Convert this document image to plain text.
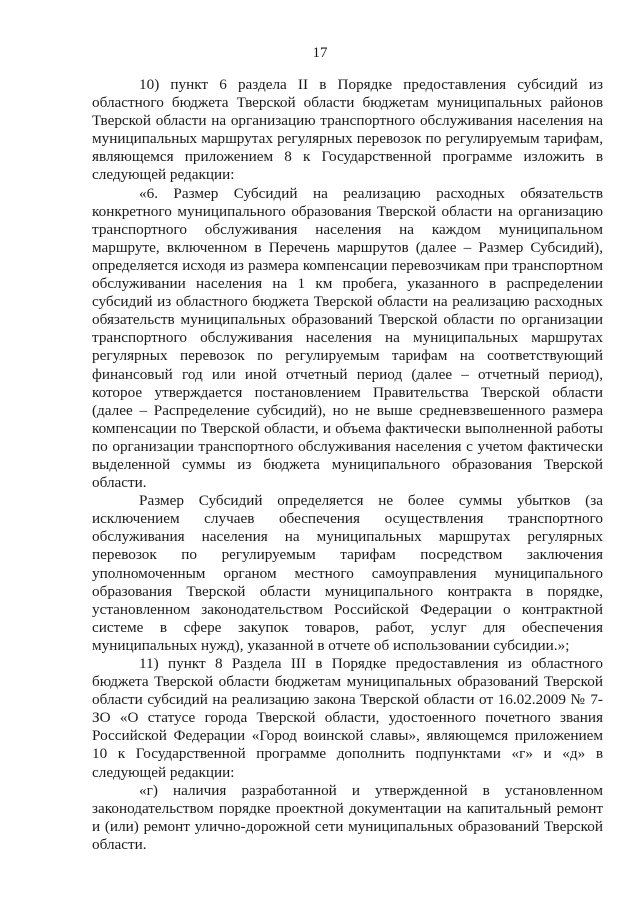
17

10) пункт 6 раздела II в Порядке предоставления субсидий из областного бюджета Тверской области бюджетам муниципальных районов Тверской области на организацию транспортного обслуживания населения на муниципальных маршрутах регулярных перевозок по регулируемым тарифам, являющемся приложением 8 к Государственной программе изложить в следующей редакции:

«6. Размер Субсидий на реализацию расходных обязательств конкретного муниципального образования Тверской области на организацию транспортного обслуживания населения на каждом муниципальном маршруте, включенном в Перечень маршрутов (далее – Размер Субсидий), определяется исходя из размера компенсации перевозчикам при транспортном обслуживании населения на 1 км пробега, указанного в распределении субсидий из областного бюджета Тверской области на реализацию расходных обязательств муниципальных образований Тверской области по организации транспортного обслуживания населения на муниципальных маршрутах регулярных перевозок по регулируемым тарифам на соответствующий финансовый год или иной отчетный период (далее – отчетный период), которое утверждается постановлением Правительства Тверской области (далее – Распределение субсидий), но не выше средневзвешенного размера компенсации по Тверской области, и объема фактически выполненной работы по организации транспортного обслуживания населения с учетом фактически выделенной суммы из бюджета муниципального образования Тверской области.

Размер Субсидий определяется не более суммы убытков (за исключением случаев обеспечения осуществления транспортного обслуживания населения на муниципальных маршрутах регулярных перевозок по регулируемым тарифам посредством заключения уполномоченным органом местного самоуправления муниципального образования Тверской области муниципального контракта в порядке, установленном законодательством Российской Федерации о контрактной системе в сфере закупок товаров, работ, услуг для обеспечения муниципальных нужд), указанной в отчете об использовании субсидии.»;

11) пункт 8 Раздела III в Порядке предоставления из областного бюджета Тверской области бюджетам муниципальных образований Тверской области субсидий на реализацию закона Тверской области от 16.02.2009 № 7-ЗО «О статусе города Тверской области, удостоенного почетного звания Российской Федерации «Город воинской славы», являющемся приложением 10 к Государственной программе дополнить подпунктами «г» и «д» в следующей редакции:

«г) наличия разработанной и утвержденной в установленном законодательством порядке проектной документации на капитальный ремонт и (или) ремонт улично-дорожной сети муниципальных образований Тверской области.
